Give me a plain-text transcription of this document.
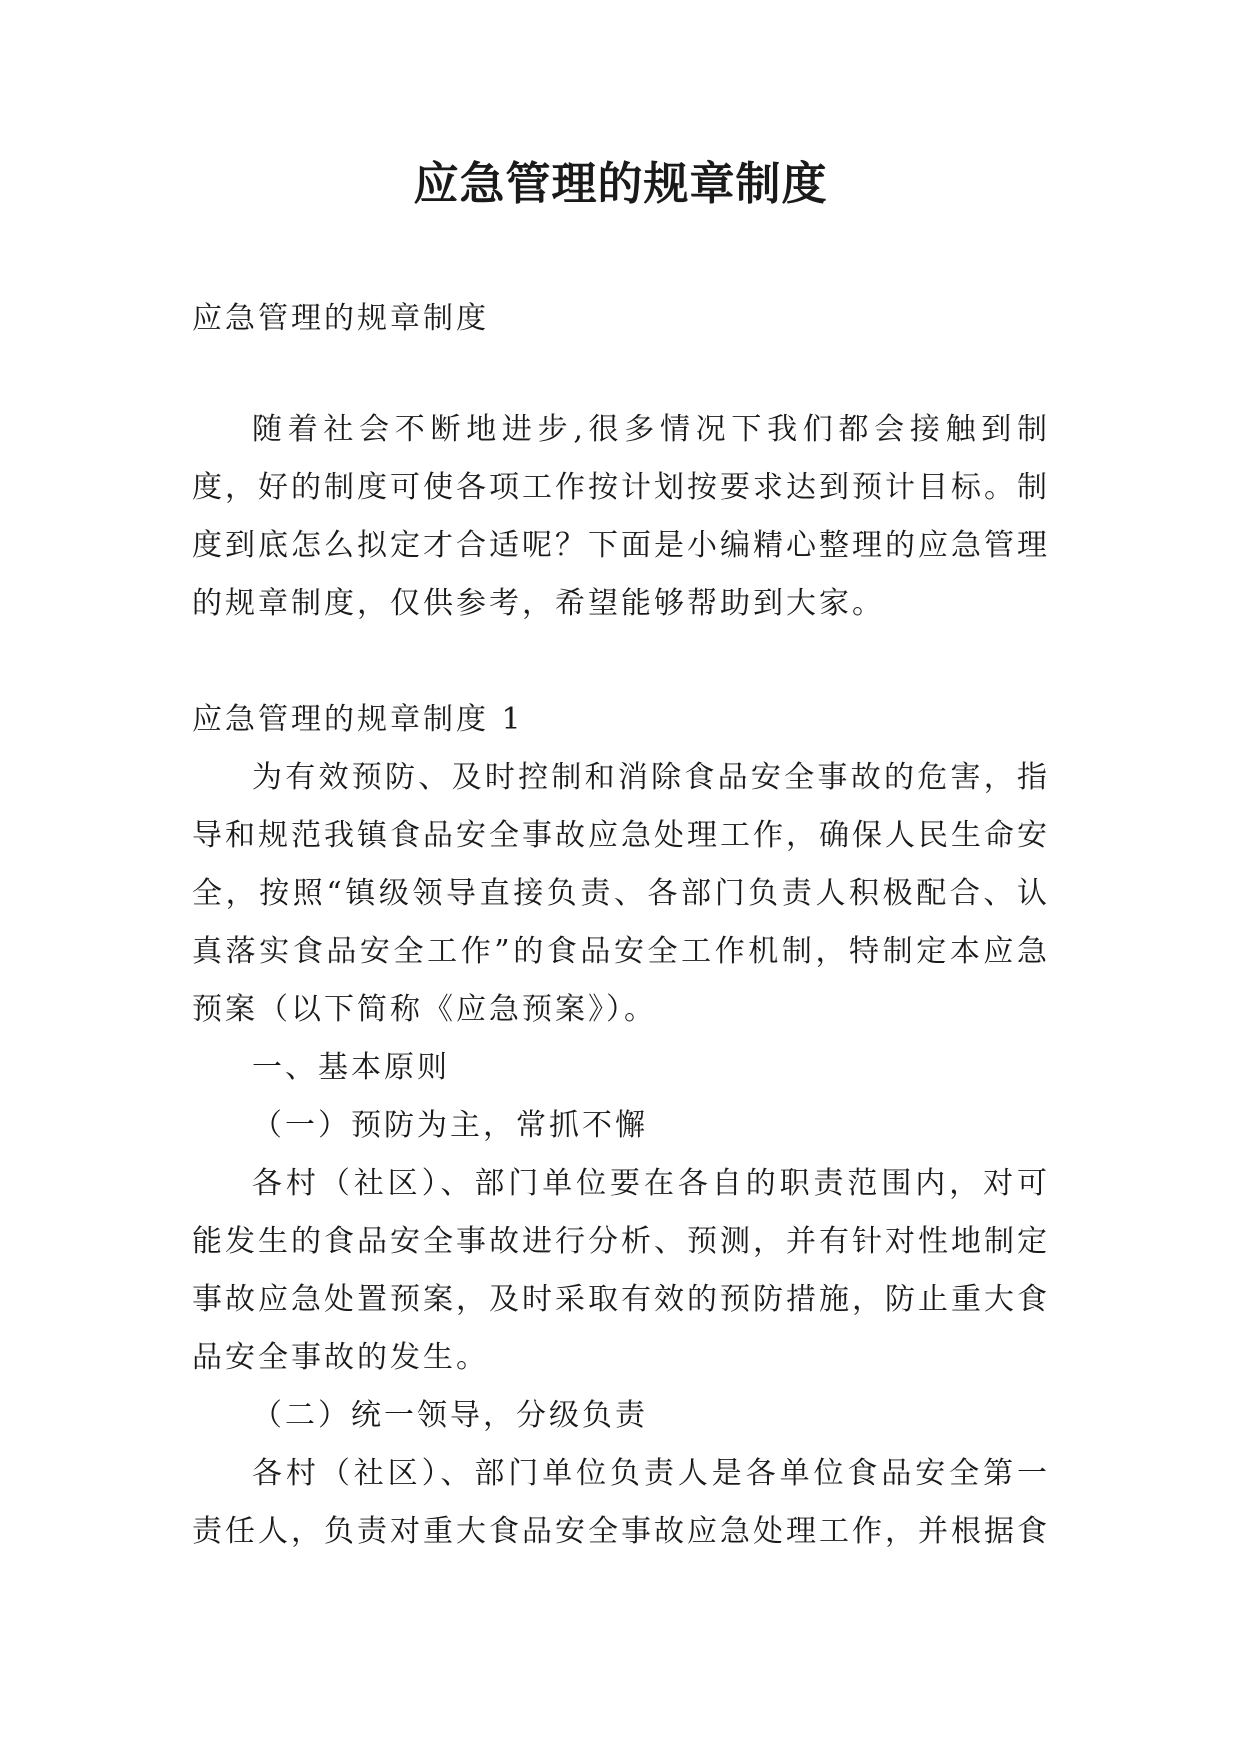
应急管理的规章制度

应急管理的规章制度

随着社会不断地进步,很多情况下我们都会接触到制度，好的制度可使各项工作按计划按要求达到预计目标。制度到底怎么拟定才合适呢？下面是小编精心整理的应急管理的规章制度，仅供参考，希望能够帮助到大家。

应急管理的规章制度 1

为有效预防、及时控制和消除食品安全事故的危害，指导和规范我镇食品安全事故应急处理工作，确保人民生命安全，按照“镇级领导直接负责、各部门负责人积极配合、认真落实食品安全工作”的食品安全工作机制，特制定本应急预案（以下简称《应急预案》）。

一、基本原则

（一）预防为主，常抓不懈

各村（社区）、部门单位要在各自的职责范围内，对可能发生的食品安全事故进行分析、预测，并有针对性地制定事故应急处置预案，及时采取有效的预防措施，防止重大食品安全事故的发生。

（二）统一领导，分级负责

各村（社区）、部门单位负责人是各单位食品安全第一责任人，负责对重大食品安全事故应急处理工作，并根据食
